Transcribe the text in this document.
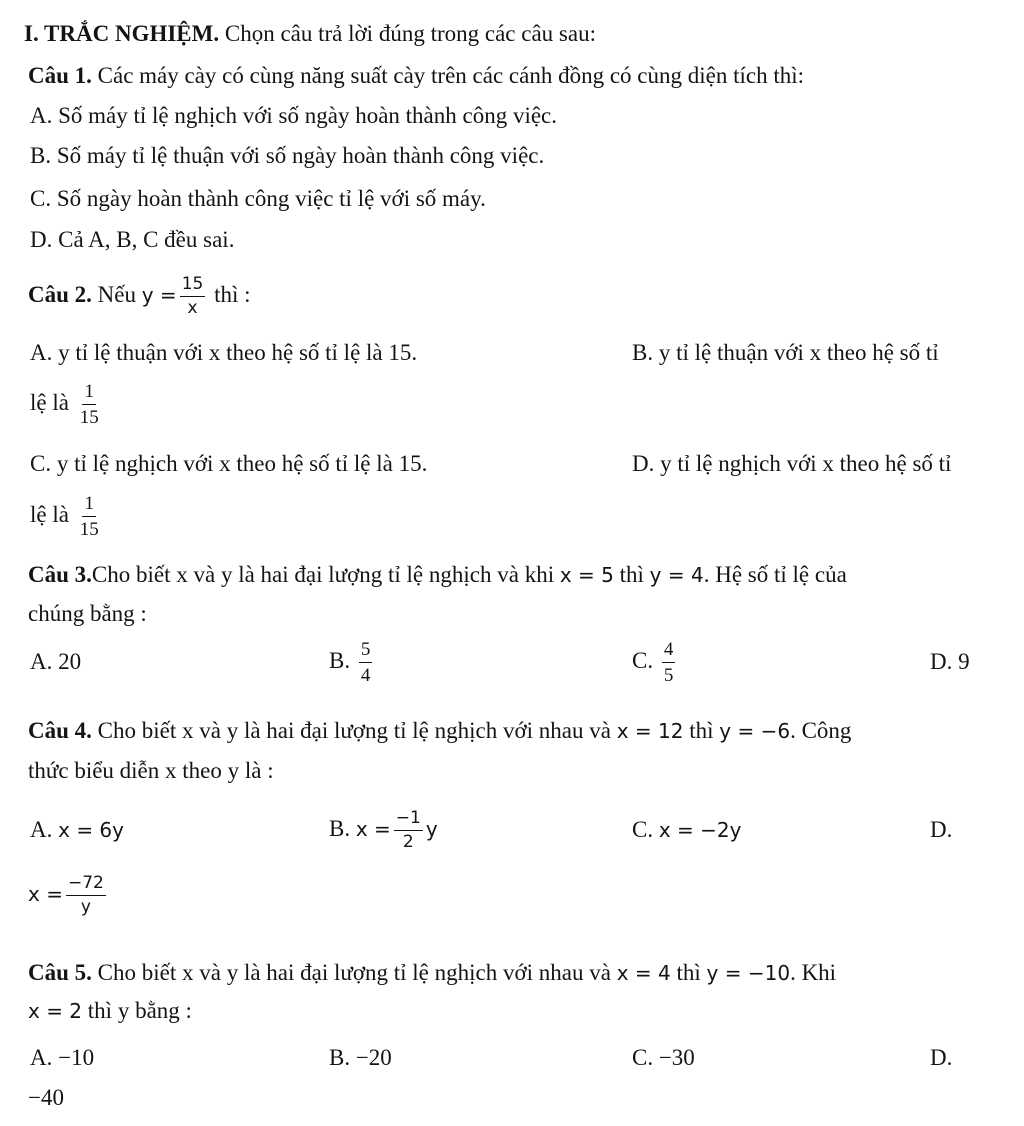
I. TRẮC NGHIỆM. Chọn câu trả lời đúng trong các câu sau:
Câu 1. Các máy cày có cùng năng suất cày trên các cánh đồng có cùng diện tích thì:
A. Số máy tỉ lệ nghịch với số ngày hoàn thành công việc.
B. Số máy tỉ lệ thuận với số ngày hoàn thành công việc.
C. Số ngày hoàn thành công việc tỉ lệ với số máy.
D. Cả A, B, C đều sai.
Câu 2. Nếu $y = \frac{15}{x}$ thì :
A. y tỉ lệ thuận với x theo hệ số tỉ lệ là 15.	B. y tỉ lệ thuận với x theo hệ số tỉ
lệ là $\frac{1}{15}$
C. y tỉ lệ nghịch với x theo hệ số tỉ lệ là 15.	D. y tỉ lệ nghịch với x theo hệ số tỉ
lệ là $\frac{1}{15}$
Câu 3.Cho biết x và y là hai đại lượng tỉ lệ nghịch và khi x = 5 thì y = 4. Hệ số tỉ lệ của
chúng bằng :
A. 20	B. $\frac{5}{4}$	C. $\frac{4}{5}$	D. 9
Câu 4. Cho biết x và y là hai đại lượng tỉ lệ nghịch với nhau và x = 12 thì y = −6. Công
thức biểu diễn x theo y là :
A. x = 6y	B. $x = \frac{-1}{2}$ y	C. x = −2y	D.
$x = \frac{-72}{y}$
Câu 5. Cho biết x và y là hai đại lượng tỉ lệ nghịch với nhau và x = 4 thì y = −10. Khi
x = 2 thì y bằng :
A. −10	B. −20	C. −30	D.
−40
